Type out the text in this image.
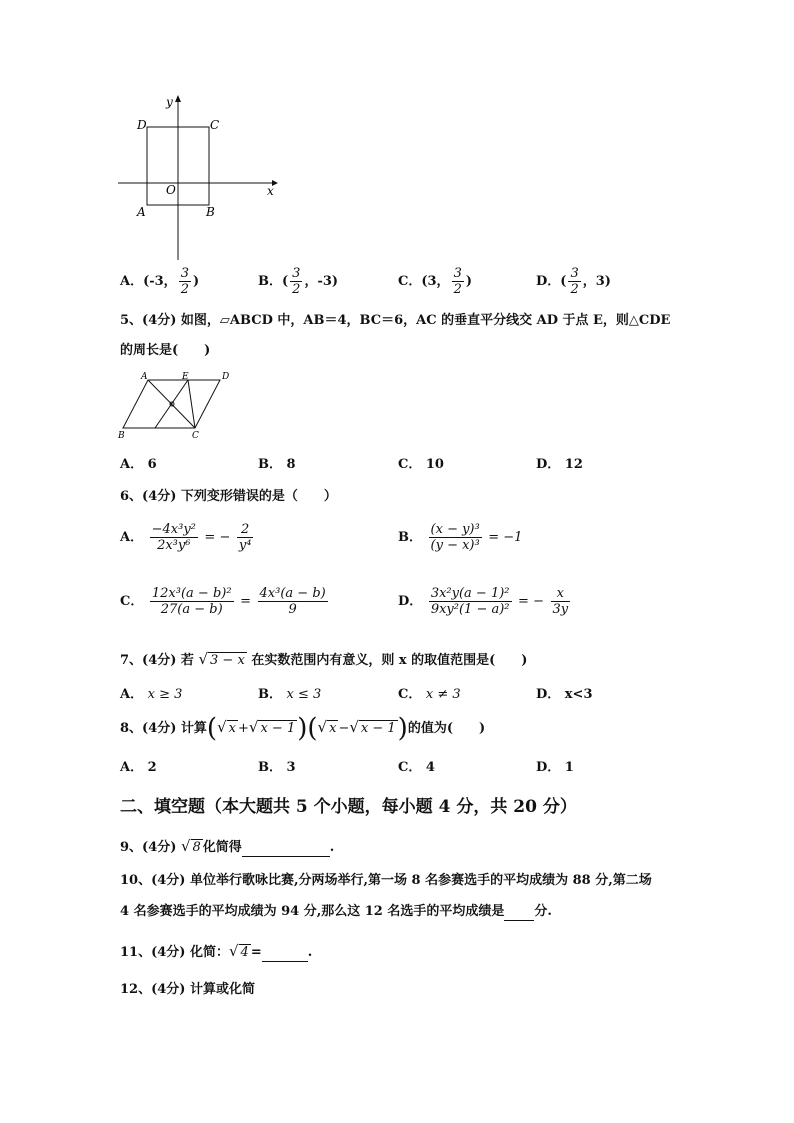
y
x
O
A	B
C
D
A．(-3， $\frac{3}{2}$ )	B．( $\frac{3}{2}$ ，-3)	C．(3， $\frac{3}{2}$ )	D．( $\frac{3}{2}$ ，3)
5、(4分) 如图，▱ABCD 中，AB＝4，BC＝6，AC 的垂直平分线交 AD 于点 E，则△CDE
的周长是(　　)
A	E	D
B	C
A． 6	B． 8	C． 10	D． 12
6、(4分) 下列变形错误的是（　　）
A． $\frac{\text{−4x³y²}}{\text{2x³y⁶}}$ = − $\frac{2}{\text{y⁴}}$	B． $\frac{\text{(x − y)³}}{\text{(y − x)³}} = -1$
C． $\frac{\text{12x³(a − b)²}}{27(a - b)} = \frac{\text{4x³(a − b)}}{9}$	D． $\frac{\text{3x²y(a − 1)²}}{\text{9xy²(1 − a)²}}$ = − $\frac{x}{3y}$
7、(4分) 若 √ 3 − x 在实数范围内有意义，则 x 的取值范围是(　　)
A． x ≥ 3	B． x ≤ 3	C． x ≠ 3	D． x<3
8、(4分) 计算(√ x +√ x − 1)(√ x −√ x − 1)的值为(　　)
A． 2	B． 3	C． 4	D． 1
二、填空题（本大题共 5 个小题，每小题 4 分，共 20 分）
9、(4分) √ 8 化简得	.
10、(4分) 单位举行歌咏比赛,分两场举行,第一场 8 名参赛选手的平均成绩为 88 分,第二场
4 名参赛选手的平均成绩为 94 分,那么这 12 名选手的平均成绩是 分.
11、(4分) 化简：√ 4 =	.
12、(4分) 计算或化简
